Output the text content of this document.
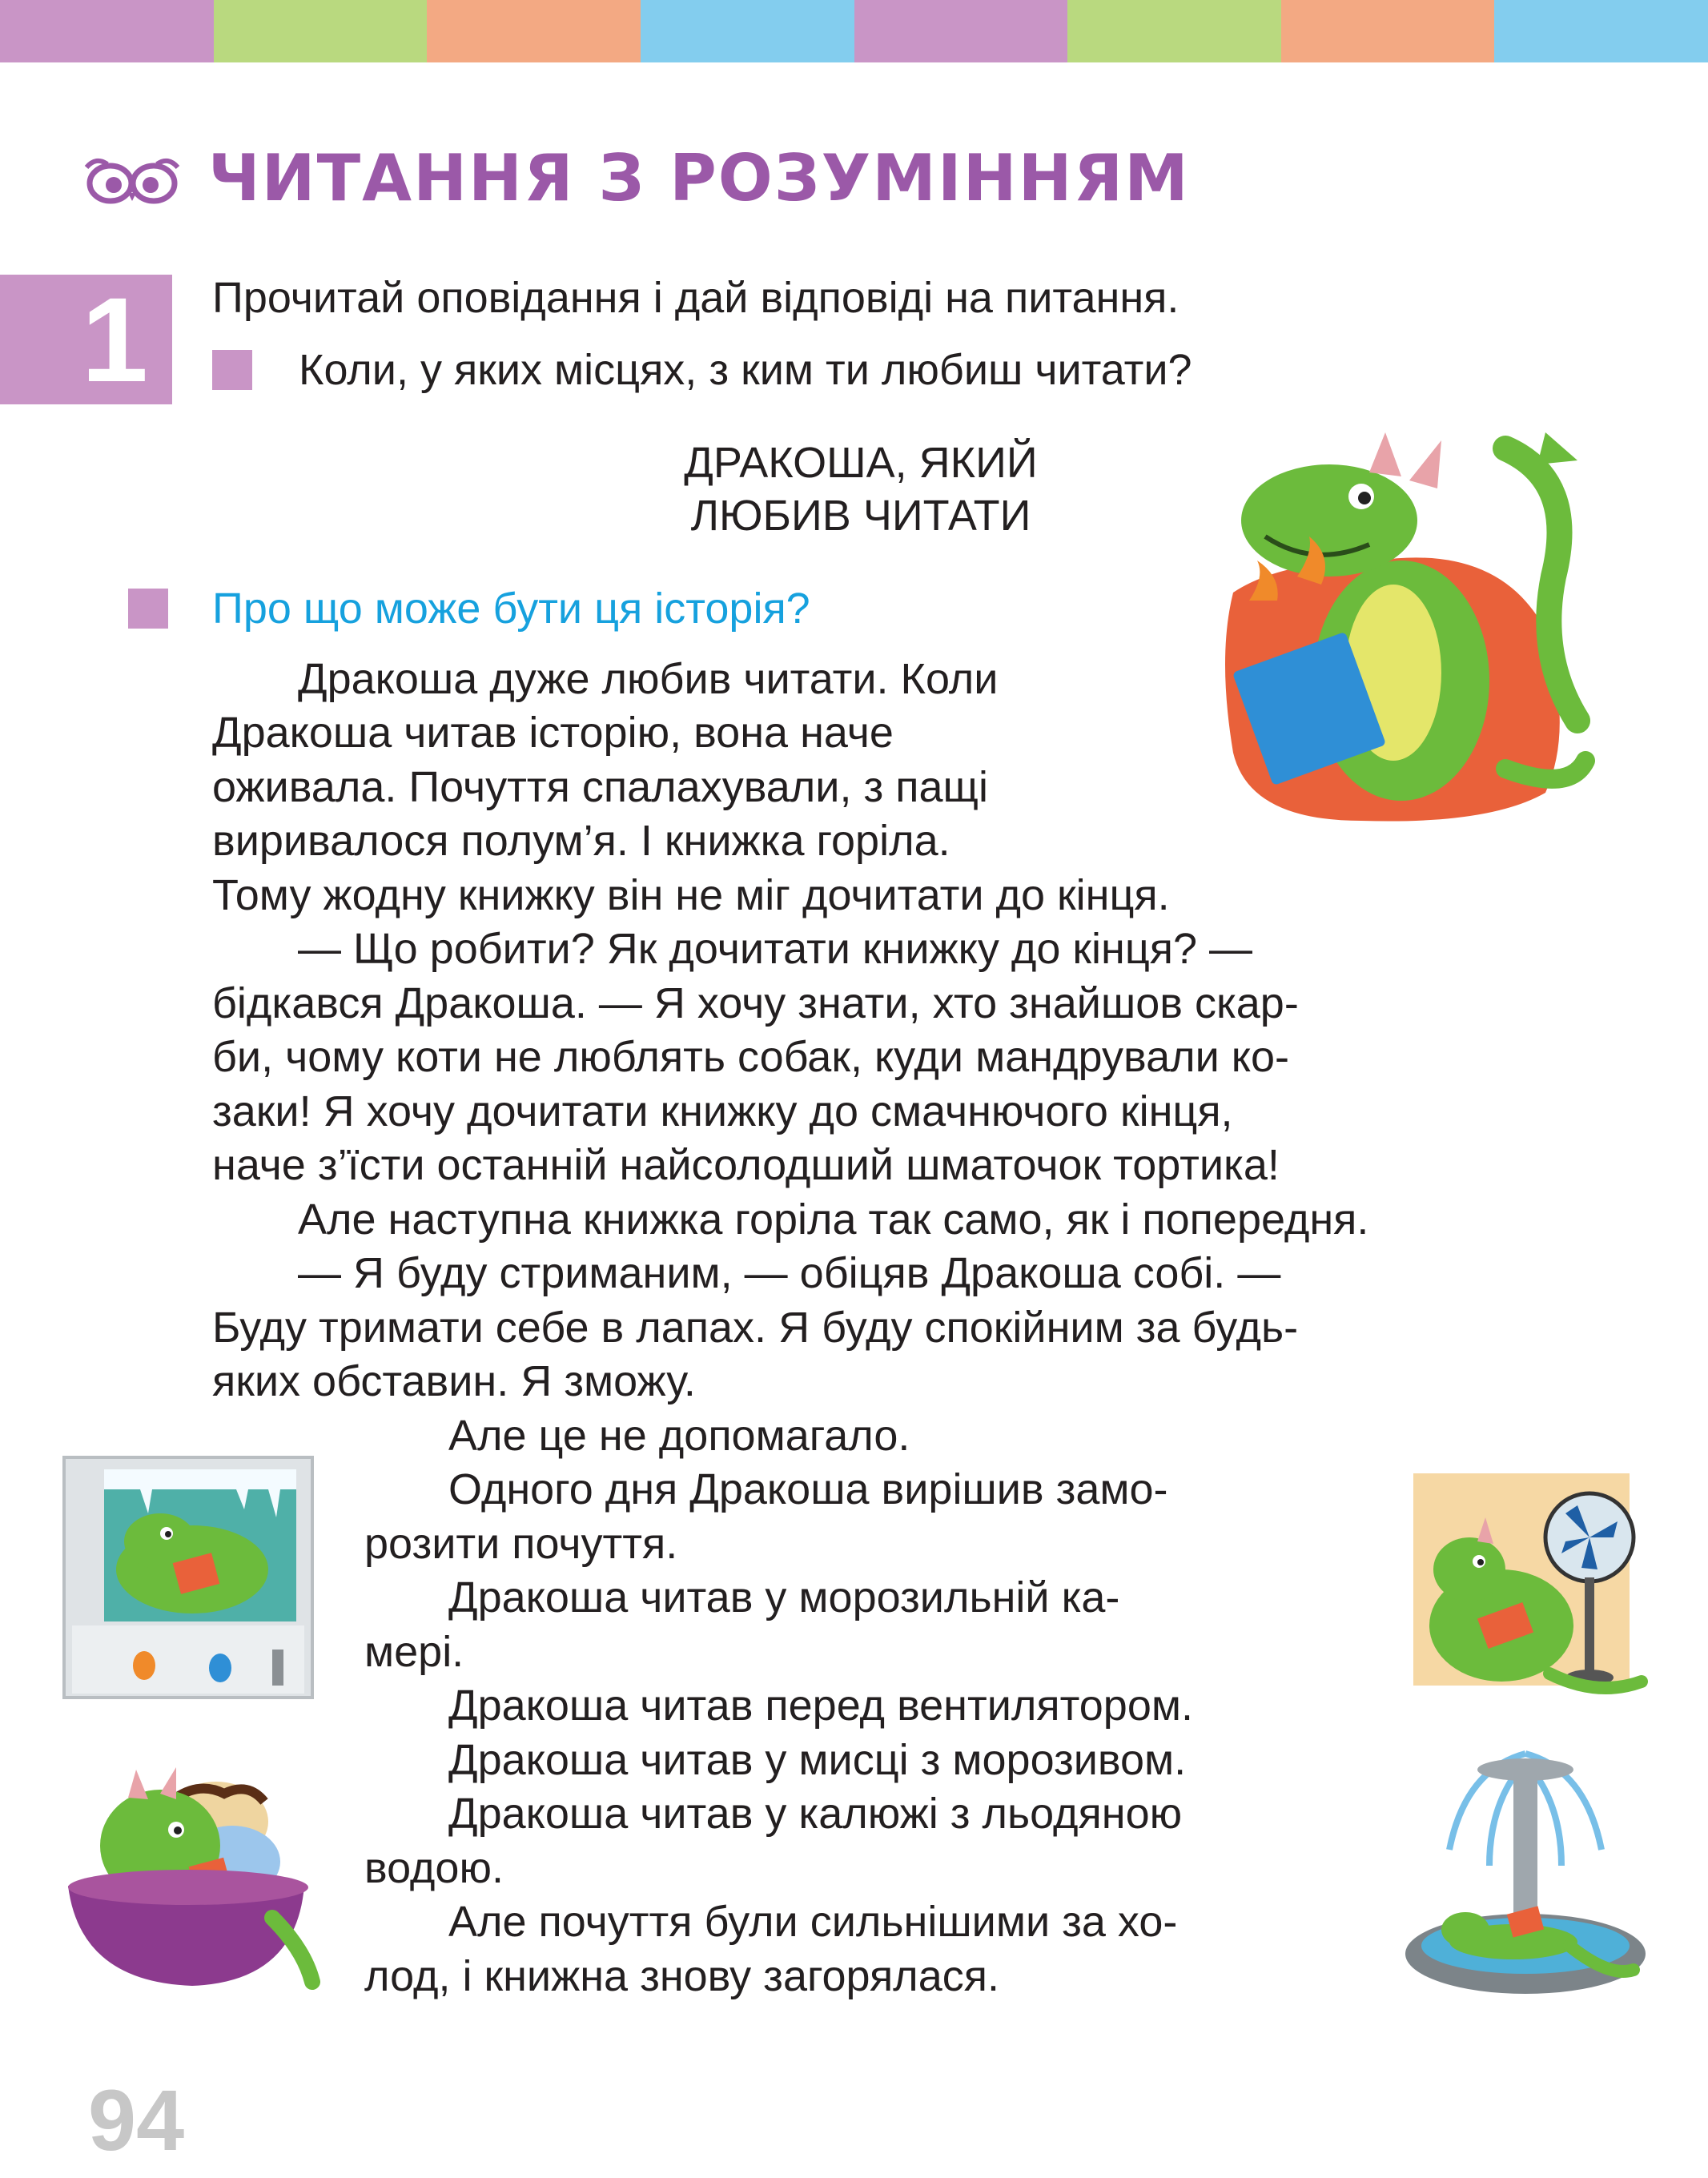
ЧИТАННЯ З РОЗУМІННЯМ
1	Прочитай оповідання і дай відповіді на питання.
Коли, у яких місцях, з ким ти любиш читати?
ДРАКОША, ЯКИЙ
ЛЮБИВ ЧИТАТИ
Про що може бути ця історія?
Дракоша дуже любив читати. Коли
Дракоша читав історію, вона наче
оживала. Почуття спалахували, з пащі
виривалося полум’я. І книжка горіла.
Тому жодну книжку він не міг дочитати до кінця.
— Що робити? Як дочитати книжку до кінця? —
бідкався Дракоша. — Я хочу знати, хто знайшов скар-
би, чому коти не люблять собак, куди мандрували ко-
заки! Я хочу дочитати книжку до смачнючого кінця,
наче з’їсти останній найсолодший шматочок тортика!
Але наступна книжка горіла так само, як і попередня.
— Я буду стриманим, — обіцяв Дракоша собі. —
Буду тримати себе в лапах. Я буду спокійним за будь-
яких обставин. Я зможу.
Але це не допомагало.
Одного дня Дракоша вирішив замо-
розити почуття.
Дракоша читав у морозильній ка-
мері.
Дракоша читав перед вентилятором.
Дракоша читав у мисці з морозивом.
Дракоша читав у калюжі з льодяною
водою.
Але почуття були сильнішими за хо-
лод, і книжна знову загорялася.
94
